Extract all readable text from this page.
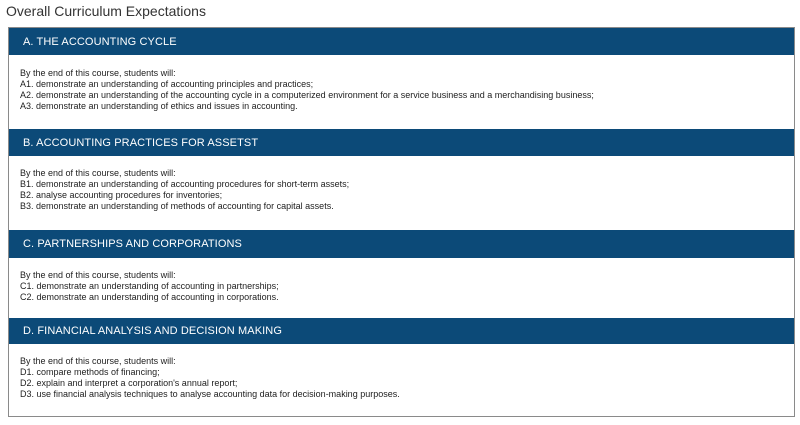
Overall Curriculum Expectations
A. THE ACCOUNTING CYCLE
By the end of this course, students will:
A1. demonstrate an understanding of accounting principles and practices;
A2. demonstrate an understanding of the accounting cycle in a computerized environment for a service business and a merchandising business;
A3. demonstrate an understanding of ethics and issues in accounting.
B. ACCOUNTING PRACTICES FOR ASSETST
By the end of this course, students will:
B1. demonstrate an understanding of accounting procedures for short-term assets;
B2. analyse accounting procedures for inventories;
B3. demonstrate an understanding of methods of accounting for capital assets.
C. PARTNERSHIPS AND CORPORATIONS
By the end of this course, students will:
C1. demonstrate an understanding of accounting in partnerships;
C2. demonstrate an understanding of accounting in corporations.
D. FINANCIAL ANALYSIS AND DECISION MAKING
By the end of this course, students will:
D1. compare methods of financing;
D2. explain and interpret a corporation's annual report;
D3. use financial analysis techniques to analyse accounting data for decision-making purposes.
